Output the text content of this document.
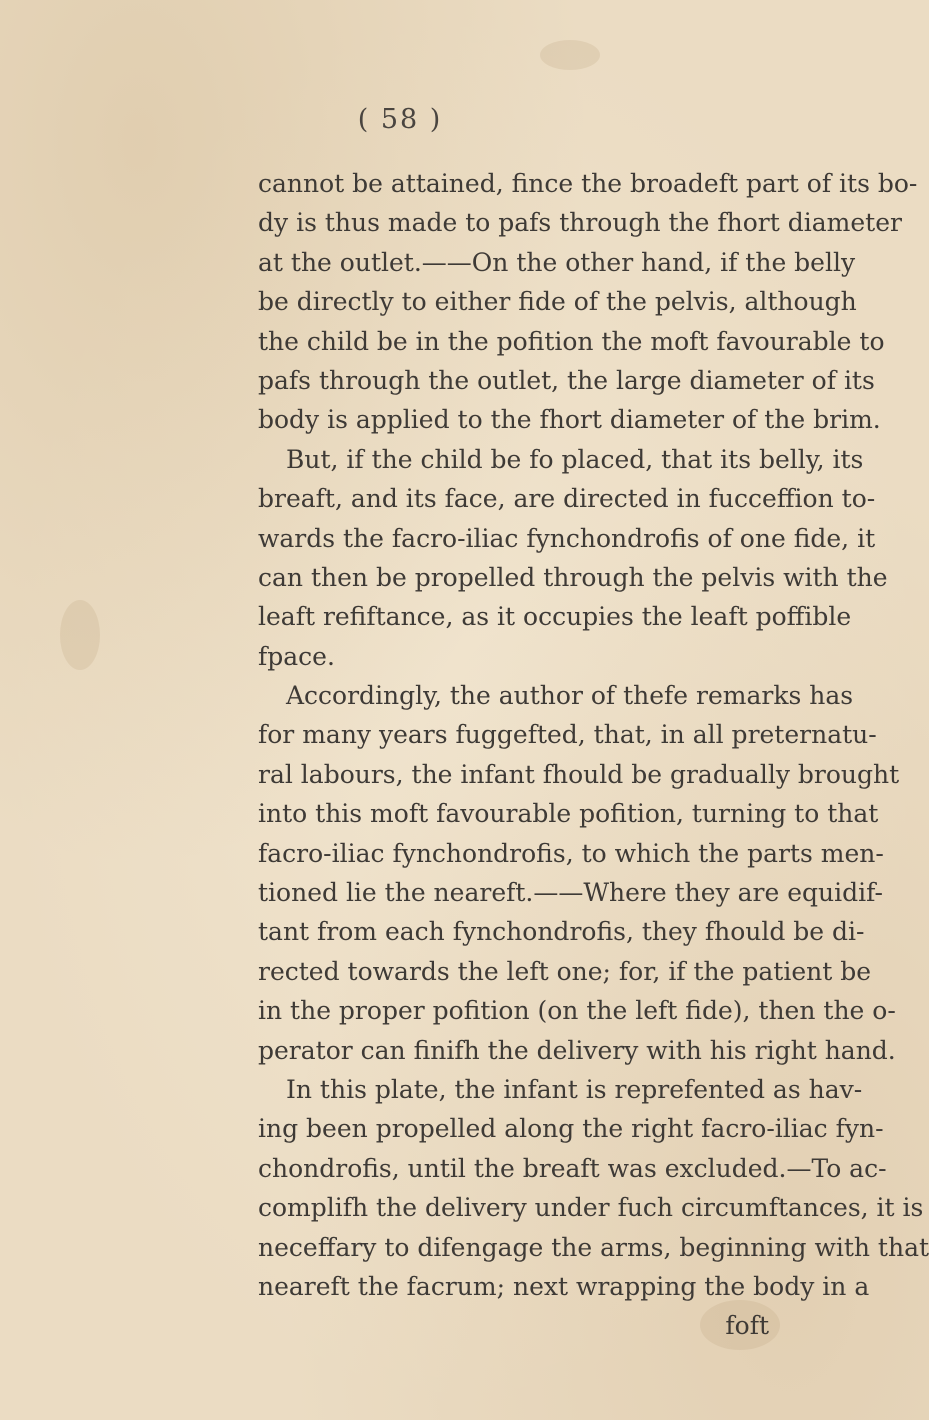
( 58 )
cannot be attained, fince the broadeft part of its bo-
dy is thus made to pafs through the fhort diameter
at the outlet.——On the other hand, if the belly
be directly to either fide of the pelvis, although
the child be in the pofition the moft favourable to
pafs through the outlet, the large diameter of its
body is applied to the fhort diameter of the brim.
But, if the child be fo placed, that its belly, its
breaft, and its face, are directed in fucceffion to-
wards the facro-iliac fynchondrofis of one fide, it
can then be propelled through the pelvis with the
leaft refiftance, as it occupies the leaft poffible
fpace.
Accordingly, the author of thefe remarks has
for many years fuggefted, that, in all preternatu-
ral labours, the infant fhould be gradually brought
into this moft favourable pofition, turning to that
facro-iliac fynchondrofis, to which the parts men-
tioned lie the neareft.——Where they are equidif-
tant from each fynchondrofis, they fhould be di-
rected towards the left one; for, if the patient be
in the proper pofition (on the left fide), then the o-
perator can finifh the delivery with his right hand.
In this plate, the infant is reprefented as hav-
ing been propelled along the right facro-iliac fyn-
chondrofis, until the breaft was excluded.—To ac-
complifh the delivery under fuch circumftances, it is
neceffary to difengage the arms, beginning with that
neareft the facrum; next wrapping the body in a
foft
